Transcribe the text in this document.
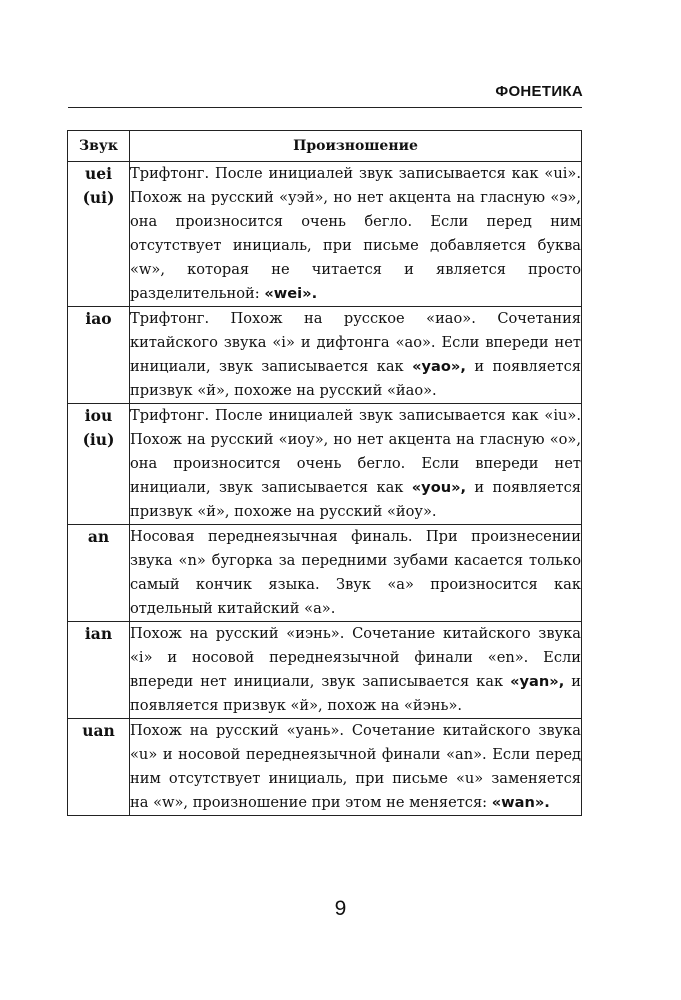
ФОНЕТИКА
Звук	Произношение

uei
(ui)	Трифтонг. После инициалей звук записывается как «ui». Похож на русский «уэй», но нет акцента на гласную «э», она произносится очень бегло. Если перед ним отсутствует инициаль, при письме добавляется буква «w», которая не читается и является просто разделительной: «wei».

iao	Трифтонг. Похож на русское «иао». Сочетания китайского звука «i» и дифтонга «ао». Если впереди нет инициали, звук записывается как «yao», и появляется призвук «й», похоже на русский «йао».

iou
(iu)	Трифтонг. После инициалей звук записывается как «iu». Похож на русский «иоу», но нет акцента на гласную «о», она произносится очень бегло. Если впереди нет инициали, звук записывается как «you», и появляется призвук «й», похоже на русский «йоу».

an	Носовая переднеязычная финаль. При произнесении звука «n» бугорка за передними зубами касается только самый кончик языка. Звук «а» произносится как отдельный китайский «а».

ian	Похож на русский «иэнь». Сочетание китайского звука «i» и носовой переднеязычной финали «en». Если впереди нет инициали, звук записывается как «yan», и появляется призвук «й», похож на «йэнь».

uan	Похож на русский «уань». Сочетание китайского звука «u» и носовой переднеязычной финали «an». Если перед ним отсутствует инициаль, при письме «u» заменяется на «w», произношение при этом не меняется: «wan».
9
